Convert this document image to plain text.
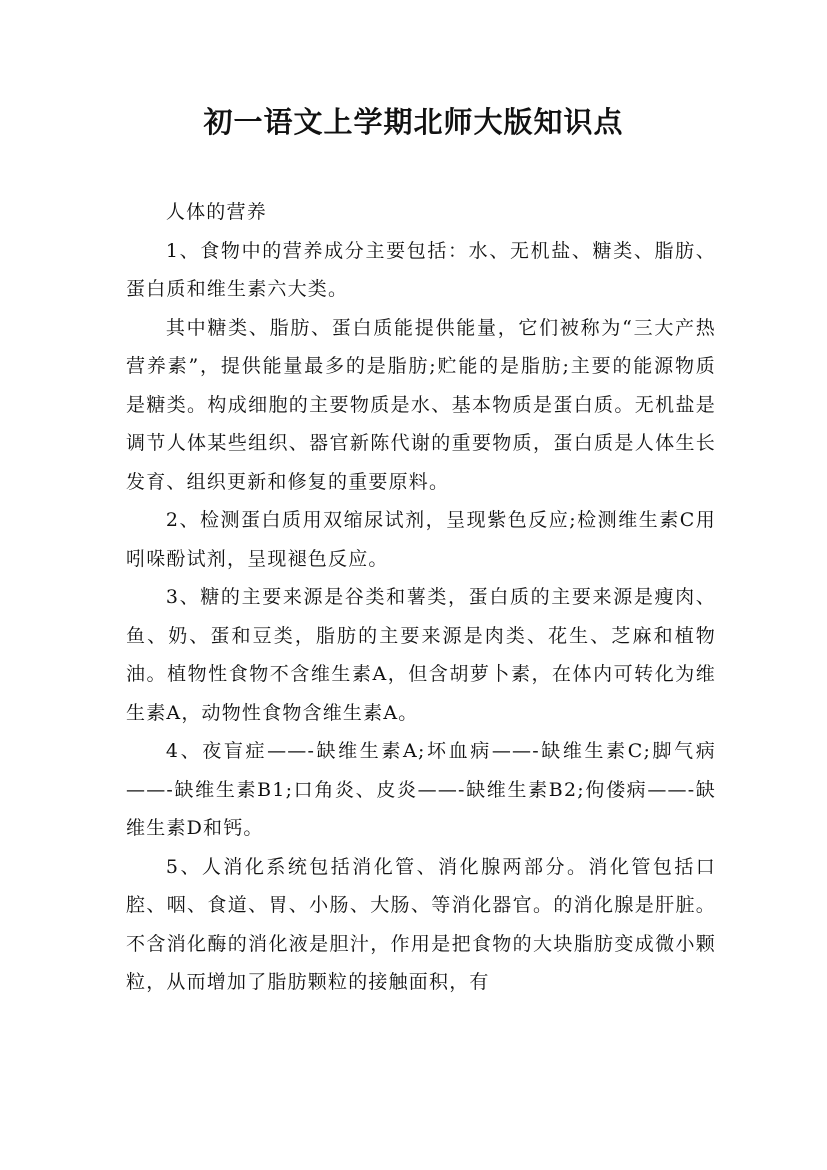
初一语文上学期北师大版知识点

人体的营养

1、食物中的营养成分主要包括：水、无机盐、糖类、脂肪、蛋白质和维生素六大类。

其中糖类、脂肪、蛋白质能提供能量，它们被称为“三大产热营养素”，提供能量最多的是脂肪;贮能的是脂肪;主要的能源物质是糖类。构成细胞的主要物质是水、基本物质是蛋白质。无机盐是调节人体某些组织、器官新陈代谢的重要物质，蛋白质是人体生长发育、组织更新和修复的重要原料。

2、检测蛋白质用双缩尿试剂，呈现紫色反应;检测维生素C用吲哚酚试剂，呈现褪色反应。

3、糖的主要来源是谷类和薯类，蛋白质的主要来源是瘦肉、鱼、奶、蛋和豆类，脂肪的主要来源是肉类、花生、芝麻和植物油。植物性食物不含维生素A，但含胡萝卜素，在体内可转化为维生素A，动物性食物含维生素A。

4、夜盲症——-缺维生素A;坏血病——-缺维生素C;脚气病——-缺维生素B1;口角炎、皮炎——-缺维生素B2;佝偻病——-缺维生素D和钙。

5、人消化系统包括消化管、消化腺两部分。消化管包括口腔、咽、食道、胃、小肠、大肠、等消化器官。的消化腺是肝脏。不含消化酶的消化液是胆汁，作用是把食物的大块脂肪变成微小颗粒，从而增加了脂肪颗粒的接触面积，有
